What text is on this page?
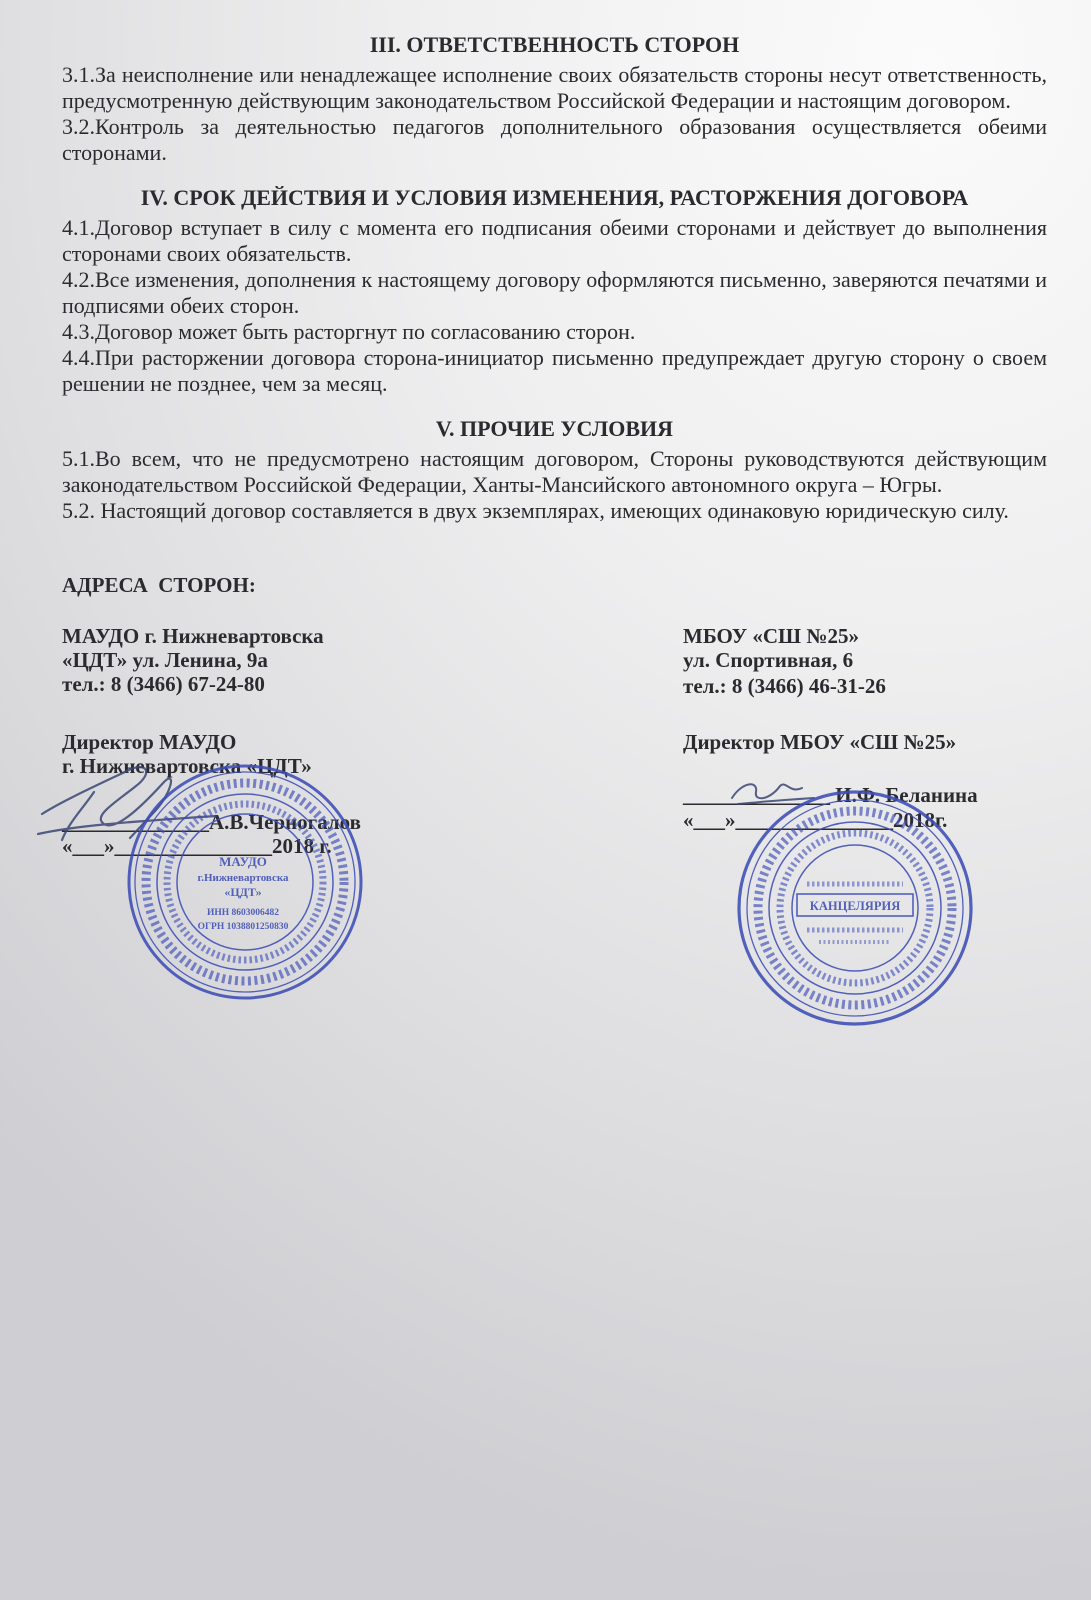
III. ОТВЕТСТВЕННОСТЬ СТОРОН

3.1.За неисполнение или ненадлежащее исполнение своих обязательств стороны несут ответственность, предусмотренную действующим законодательством Российской Федерации и настоящим договором.

3.2.Контроль за деятельностью педагогов дополнительного образования осуществляется обеими сторонами.

IV. СРОК ДЕЙСТВИЯ И УСЛОВИЯ ИЗМЕНЕНИЯ, РАСТОРЖЕНИЯ ДОГОВОРА

4.1.Договор вступает в силу с момента его подписания обеими сторонами и действует до выполнения сторонами своих обязательств.

4.2.Все изменения, дополнения к настоящему договору оформляются письменно, заверяются печатями и подписями обеих сторон.

4.3.Договор может быть расторгнут по согласованию сторон.

4.4.При расторжении договора сторона-инициатор письменно предупреждает другую сторону о своем решении не позднее, чем за месяц.

V. ПРОЧИЕ УСЛОВИЯ

5.1.Во всем, что не предусмотрено настоящим договором, Стороны руководствуются действующим законодательством Российской Федерации, Ханты-Мансийского автономного округа – Югры.

5.2. Настоящий договор составляется в двух экземплярах, имеющих одинаковую юридическую силу.

АДРЕСА  СТОРОН:
МАУДО г. Нижневартовска
«ЦДТ» ул. Ленина, 9а
тел.: 8 (3466) 67-24-80
Директор МАУДО
г. Нижневартовска «ЦДТ»
______________А.В.Черногалов
«___»_______________2018 г.
МБОУ «СШ №25»
ул. Спортивная, 6
тел.: 8 (3466) 46-31-26
Директор МБОУ «СШ №25»
______________ И.Ф. Беланина
«___»_______________2018г.
МАУДО
г.Нижневартовска
«ЦДТ»
ИНН 8603006482
ОГРН 1038801250830
КАНЦЕЛЯРИЯ
